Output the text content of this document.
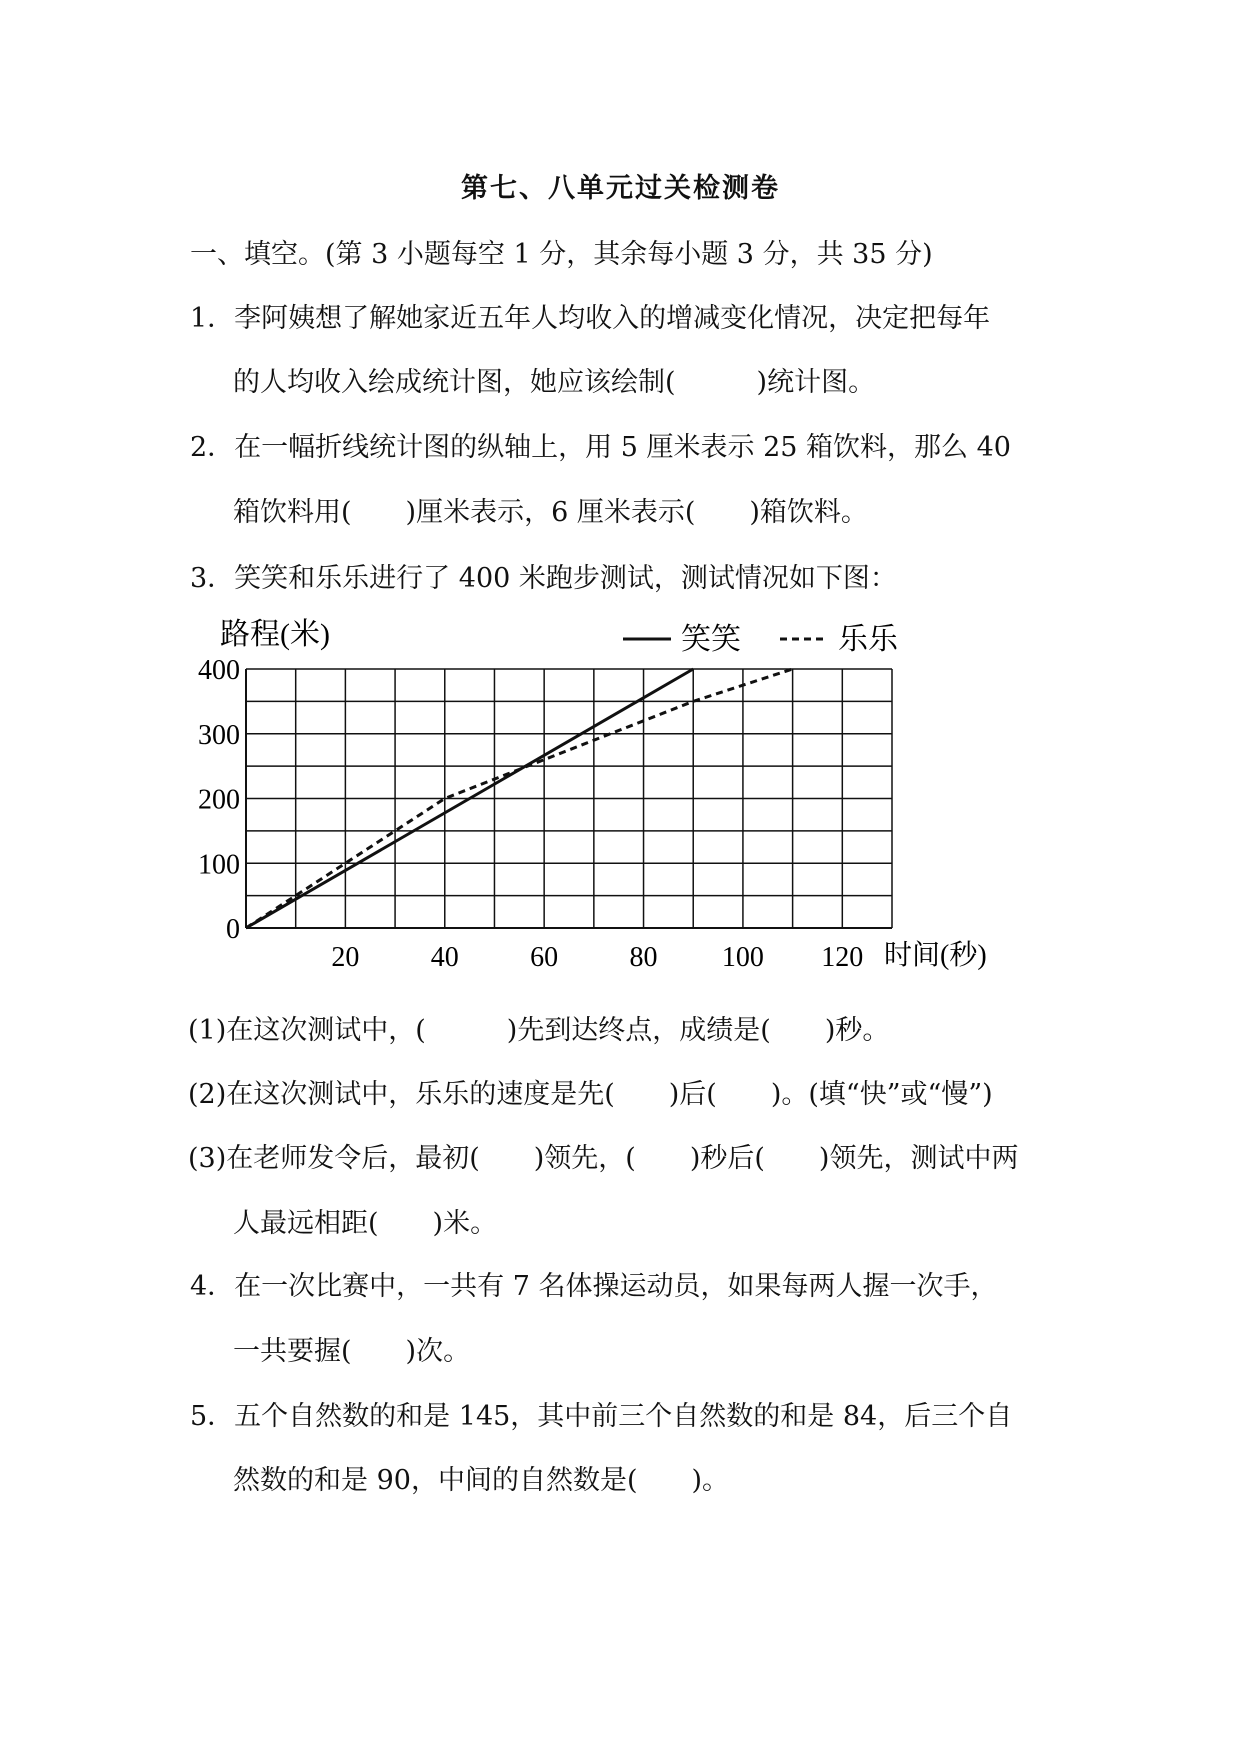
第七、八单元过关检测卷
一、填空。(第 3 小题每空 1 分，其余每小题 3 分，共 35 分)
1．李阿姨想了解她家近五年人均收入的增减变化情况，决定把每年
的人均收入绘成统计图，她应该绘制(　　　)统计图。
2．在一幅折线统计图的纵轴上，用 5 厘米表示 25 箱饮料，那么 40
箱饮料用(　　)厘米表示，6 厘米表示(　　)箱饮料。
3．笑笑和乐乐进行了 400 米跑步测试，测试情况如下图：
0
100
200
300
400
20	40	60	80 100 120
路程(米)
时间(秒)
笑笑	乐乐
(1)在这次测试中，(　　　)先到达终点，成绩是(　　)秒。
(2)在这次测试中，乐乐的速度是先(　　)后(　　)。(填“快”或“慢”)
(3)在老师发令后，最初(　　)领先，(　　)秒后(　　)领先，测试中两
人最远相距(　　)米。
4．在一次比赛中，一共有 7 名体操运动员，如果每两人握一次手，
一共要握(　　)次。
5．五个自然数的和是 145，其中前三个自然数的和是 84，后三个自
然数的和是 90，中间的自然数是(　　)。
